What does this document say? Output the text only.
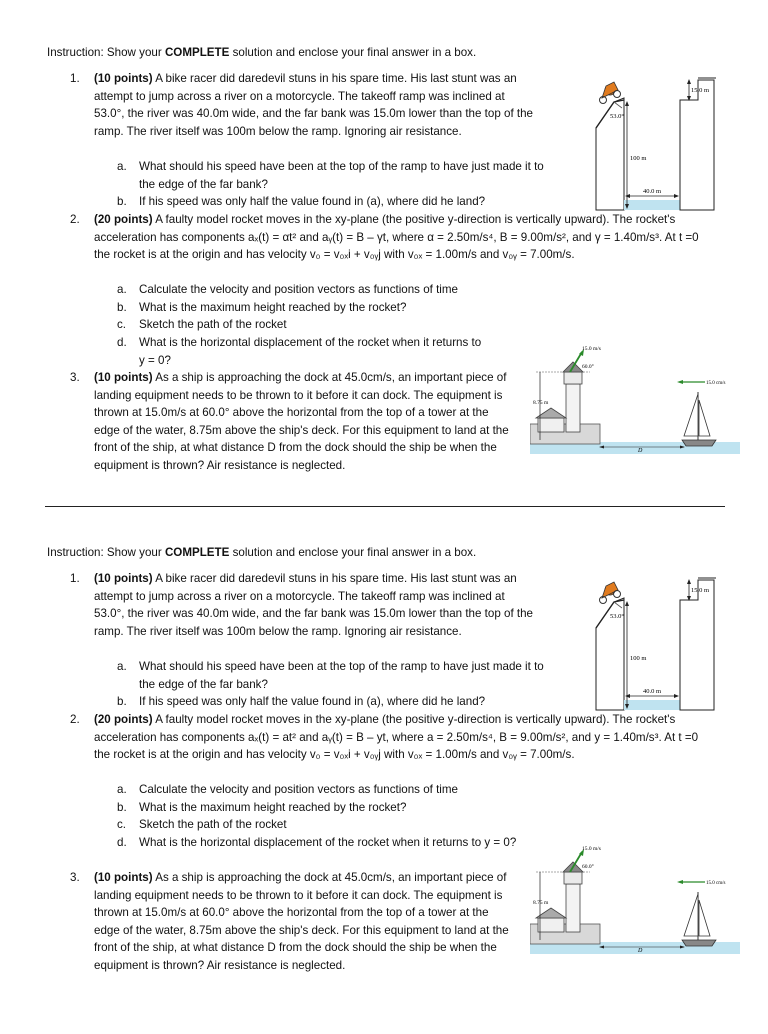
Instruction: Show your COMPLETE solution and enclose your final answer in a box.
1.	(10 points) A bike racer did daredevil stuns in his spare time. His last stunt was an attempt to jump across a river on a motorcycle. The takeoff ramp was inclined at 53.0°, the river was 40.0m wide, and the far bank was 15.0m lower than the top of the ramp. The river itself was 100m below the ramp. Ignoring air resistance.
a.	What should his speed have been at the top of the ramp to have just made it to the edge of the far bank?
b.	If his speed was only half the value found in (a), where did he land?
2.	(20 points) A faulty model rocket moves in the xy-plane (the positive y-direction is vertically upward). The rocket's acceleration has components aₓ(t) = αt² and aᵧ(t) = B – γt, where α = 2.50m/s⁴, B = 9.00m/s², and γ = 1.40m/s³. At t =0 the rocket is at the origin and has velocity v₀ = v₀ₓi + v₀ᵧj with v₀ₓ = 1.00m/s and v₀ᵧ = 7.00m/s.
a.	Calculate the velocity and position vectors as functions of time
b.	What is the maximum height reached by the rocket?
c.	Sketch the path of the rocket
d.	What is the horizontal displacement of the rocket when it returns to y = 0?
3.	(10 points) As a ship is approaching the dock at 45.0cm/s, an important piece of landing equipment needs to be thrown to it before it can dock. The equipment is thrown at 15.0m/s at 60.0° above the horizontal from the top of a tower at the edge of the water, 8.75m above the ship's deck. For this equipment to land at the front of the ship, at what distance D from the dock should the ship be when the equipment is thrown? Air resistance is neglected.
53.0°
100 m
15.0 m
40.0 m
60.0°
15.0 m/s
8.75 m
D
15.0 cm/s
Instruction: Show your COMPLETE solution and enclose your final answer in a box.
1.	(10 points) A bike racer did daredevil stuns in his spare time. His last stunt was an attempt to jump across a river on a motorcycle. The takeoff ramp was inclined at 53.0°, the river was 40.0m wide, and the far bank was 15.0m lower than the top of the ramp. The river itself was 100m below the ramp. Ignoring air resistance.
a.	What should his speed have been at the top of the ramp to have just made it to the edge of the far bank?
b.	If his speed was only half the value found in (a), where did he land?
2.	(20 points) A faulty model rocket moves in the xy-plane (the positive y-direction is vertically upward). The rocket's acceleration has components aₓ(t) = at² and aᵧ(t) = B – yt, where a = 2.50m/s⁴, B = 9.00m/s², and y = 1.40m/s³. At t =0 the rocket is at the origin and has velocity v₀ = v₀ₓi + v₀ᵧj with v₀ₓ = 1.00m/s and v₀ᵧ = 7.00m/s.
a.	Calculate the velocity and position vectors as functions of time
b.	What is the maximum height reached by the rocket?
c.	Sketch the path of the rocket
d.	What is the horizontal displacement of the rocket when it returns to y = 0?
3.	(10 points) As a ship is approaching the dock at 45.0cm/s, an important piece of landing equipment needs to be thrown to it before it can dock. The equipment is thrown at 15.0m/s at 60.0° above the horizontal from the top of a tower at the edge of the water, 8.75m above the ship's deck. For this equipment to land at the front of the ship, at what distance D from the dock should the ship be when the equipment is thrown? Air resistance is neglected.
53.0°
100 m
15.0 m
40.0 m
60.0°
15.0 m/s
8.75 m
D
15.0 cm/s
